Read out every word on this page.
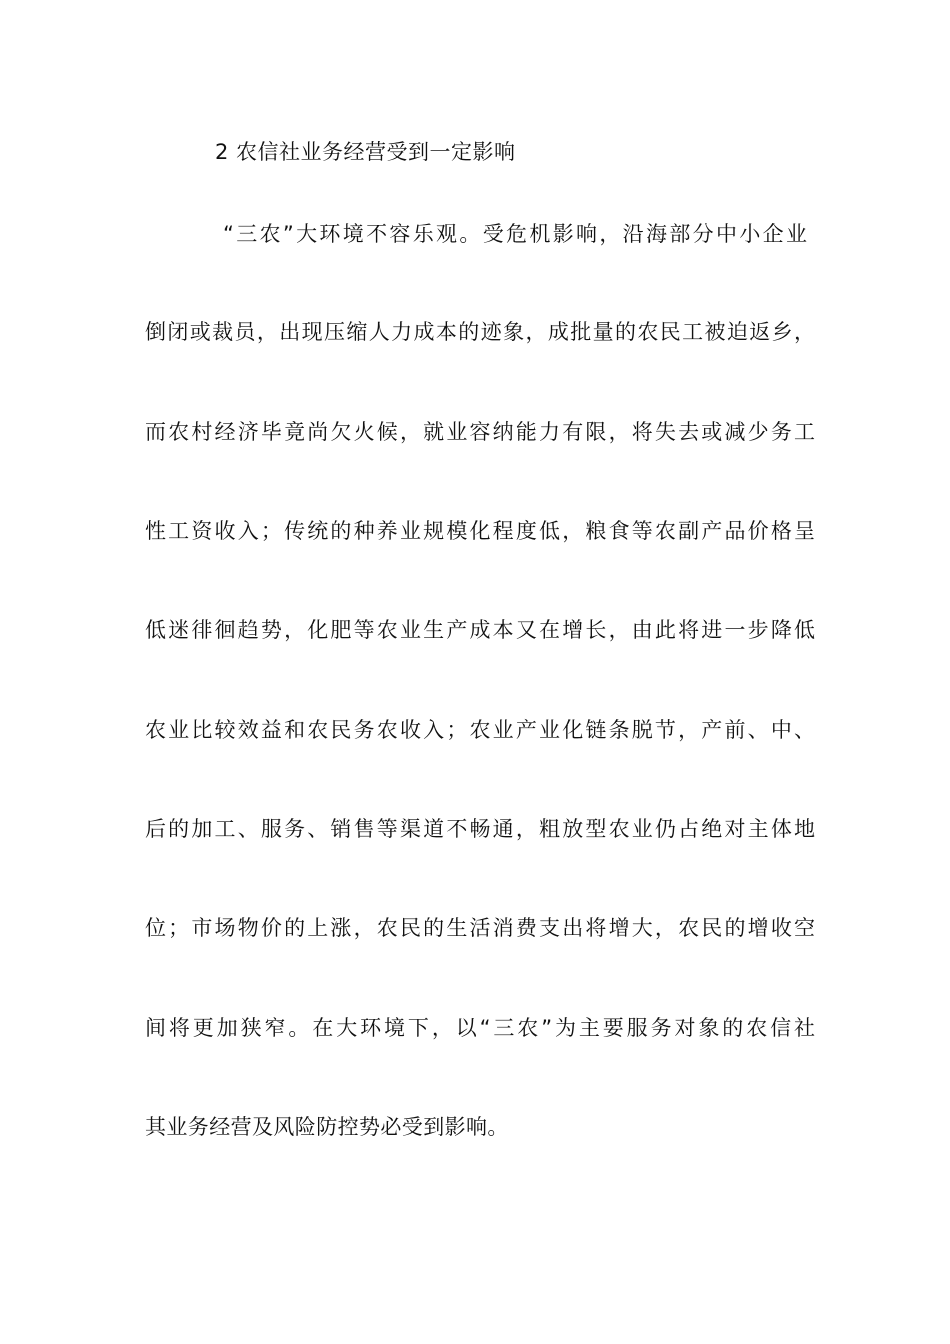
2 农信社业务经营受到一定影响
“三农”大环境不容乐观。受危机影响，沿海部分中小企业
倒闭或裁员，出现压缩人力成本的迹象，成批量的农民工被迫返乡，
而农村经济毕竟尚欠火候，就业容纳能力有限，将失去或减少务工
性工资收入；传统的种养业规模化程度低，粮食等农副产品价格呈
低迷徘徊趋势，化肥等农业生产成本又在增长，由此将进一步降低
农业比较效益和农民务农收入；农业产业化链条脱节，产前、中、
后的加工、服务、销售等渠道不畅通，粗放型农业仍占绝对主体地
位；市场物价的上涨，农民的生活消费支出将增大，农民的增收空
间将更加狭窄。在大环境下，以“三农”为主要服务对象的农信社
其业务经营及风险防控势必受到影响。
